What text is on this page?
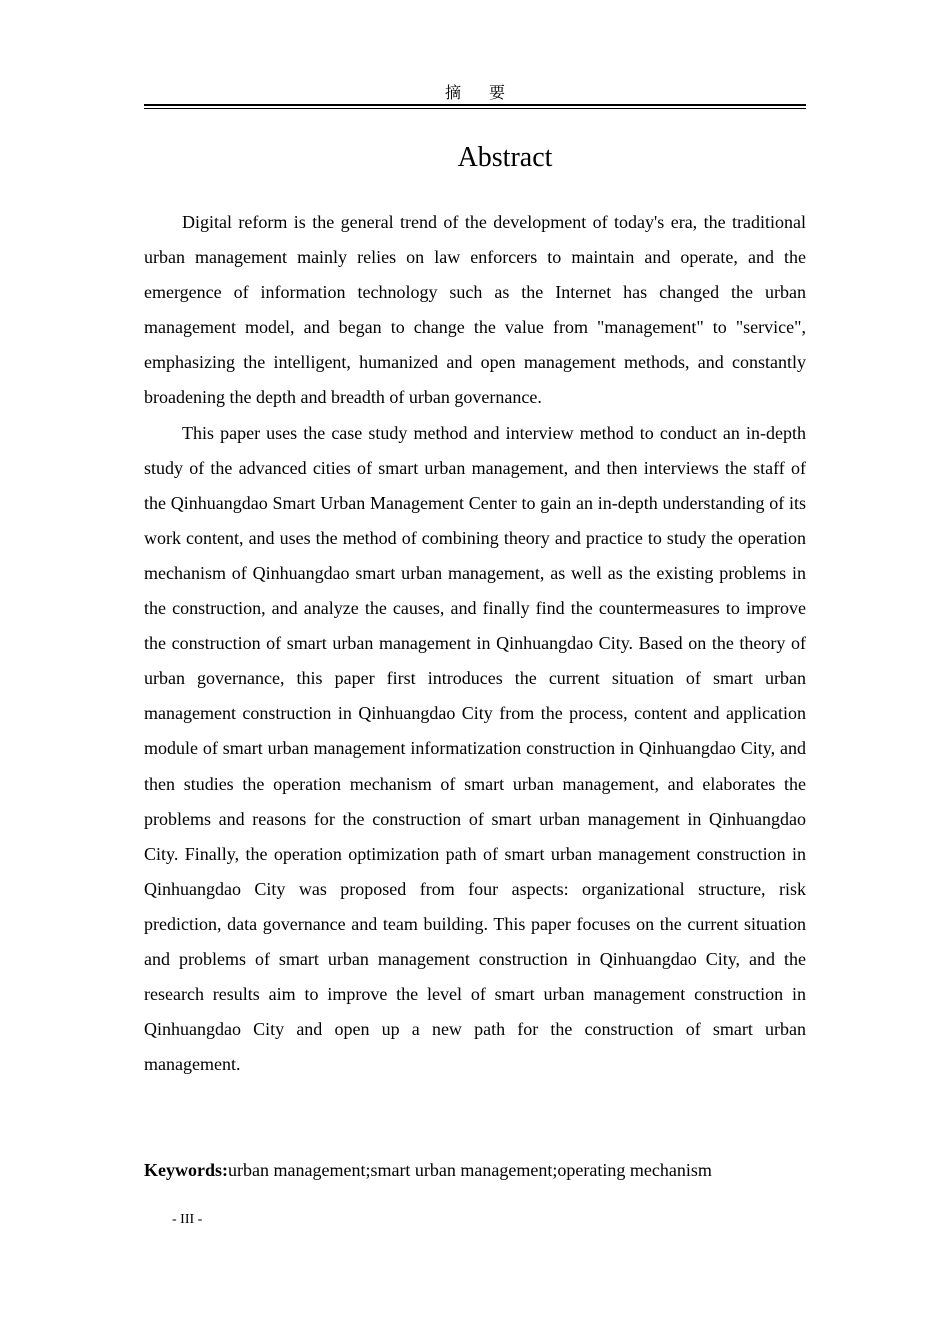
摘 要
Abstract

Digital reform is the general trend of the development of today's era, the traditional urban management mainly relies on law enforcers to maintain and operate, and the emergence of information technology such as the Internet has changed the urban management model, and began to change the value from "management" to "service", emphasizing the intelligent, humanized and open management methods, and constantly broadening the depth and breadth of urban governance.

This paper uses the case study method and interview method to conduct an in-depth study of the advanced cities of smart urban management, and then interviews the staff of the Qinhuangdao Smart Urban Management Center to gain an in-depth understanding of its work content, and uses the method of combining theory and practice to study the operation mechanism of Qinhuangdao smart urban management, as well as the existing problems in the construction, and analyze the causes, and finally find the countermeasures to improve the construction of smart urban management in Qinhuangdao City. Based on the theory of urban governance, this paper first introduces the current situation of smart urban management construction in Qinhuangdao City from the process, content and application module of smart urban management informatization construction in Qinhuangdao City, and then studies the operation mechanism of smart urban management, and elaborates the problems and reasons for the construction of smart urban management in Qinhuangdao City. Finally, the operation optimization path of smart urban management construction in Qinhuangdao City was proposed from four aspects: organizational structure, risk prediction, data governance and team building. This paper focuses on the current situation and problems of smart urban management construction in Qinhuangdao City, and the research results aim to improve the level of smart urban management construction in Qinhuangdao City and open up a new path for the construction of smart urban management.

Keywords:urban management;smart urban management;operating mechanism
- III -
